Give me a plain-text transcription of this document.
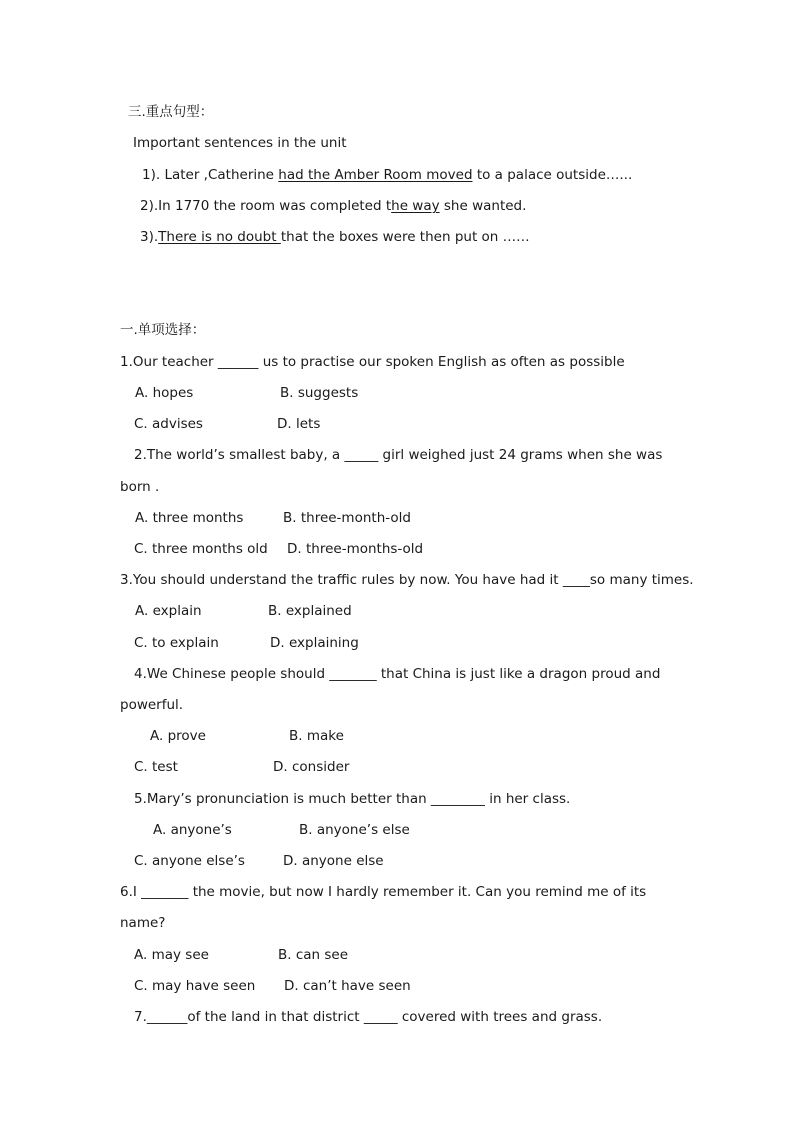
三.重点句型：
Important sentences in the unit
1). Later ,Catherine had the Amber Room moved to a palace outside…...
2).In 1770 the room was completed the way she wanted.
3).There is no doubt that the boxes were then put on ……
一.单项选择：
1.Our teacher ______ us to practise our spoken English as often as possible
A. hopes	B. suggests
C. advises	D. lets
2.The world’s smallest baby, a _____ girl weighed just 24 grams when she was
born .
A. three months	B. three-month-old
C. three months old D. three-months-old
3.You should understand the traffic rules by now. You have had it ____so many times.
A. explain	B. explained
C. to explain	D. explaining
4.We Chinese people should _______ that China is just like a dragon proud and
powerful.
A. prove	B. make
C. test	D. consider
5.Mary’s pronunciation is much better than ________ in her class.
A. anyone’s	B. anyone’s else
C. anyone else’s	D. anyone else
6.I _______ the movie, but now I hardly remember it. Can you remind me of its
name?
A. may see	B. can see
C. may have seen D. can’t have seen
7.______of the land in that district _____ covered with trees and grass.
